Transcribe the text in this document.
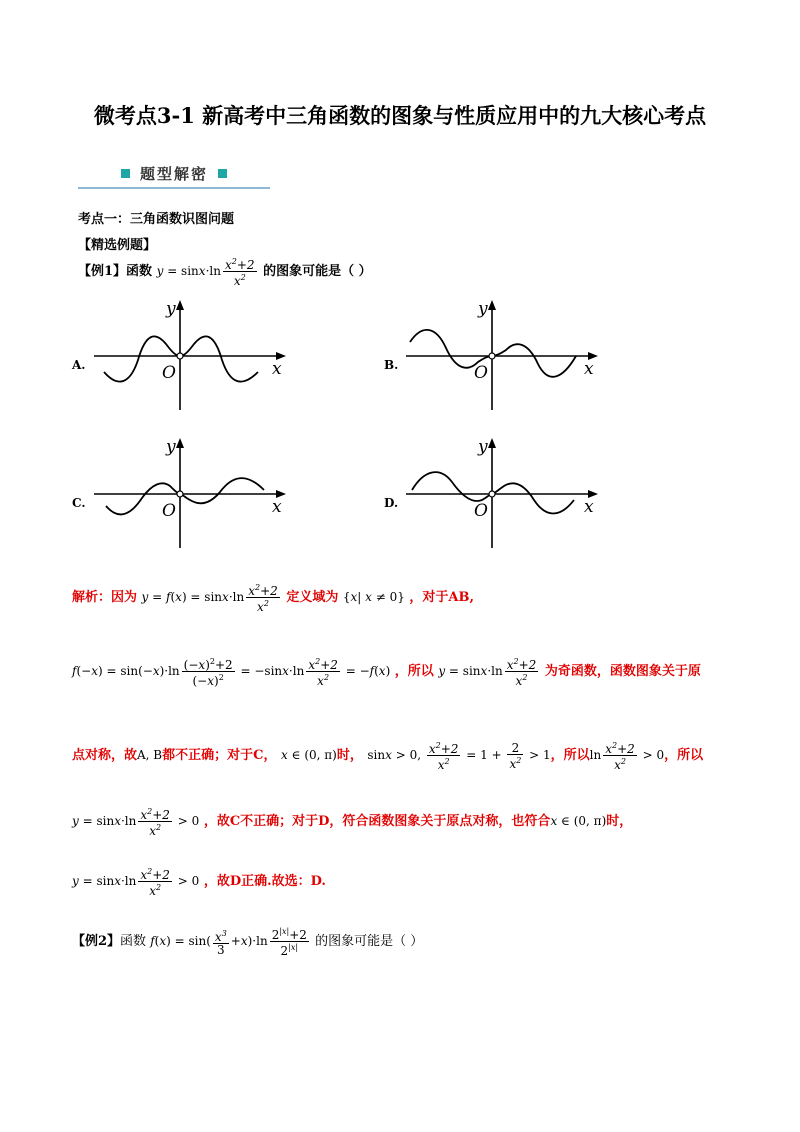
微考点3-1 新高考中三角函数的图象与性质应用中的九大核心考点
题型解密
考点一：三角函数识图问题
【精选例题】
【例1】函数 $y = \sin x\cdot\ln \frac{x^2+2}{x^2}$ 的图象可能是（ ）
A.	B.
C.	D.
y
x
O
y
x
O
y
x
O
y
x
O
解析：因为 $y = f(x) = \sin x\cdot\ln \frac{x^2+2}{x^2}$ 定义域为 {x| x ≠ 0} ，对于AB,
$f(-x) = \sin(-x)\cdot\ln \frac{(-x)^2+2}{(-x)^2} = -\sin x\cdot\ln \frac{x^2+2}{x^2} = -f(x)$ ，所以 $y = \sin x\cdot\ln \frac{x^2+2}{x^2}$ 为奇函数，函数图象关于原
点对称，故A, B都不正确；对于C， x ∈ (0, π)时， sinx > 0, $\frac{x^2+2}{x^2} = 1 + \frac{2}{x^2} > 1$，所以$\ln \frac{x^2+2}{x^2} > 0$，所以
$y = \sin x\cdot\ln \frac{x^2+2}{x^2} > 0$ ，故C不正确；对于D，符合函数图象关于原点对称，也符合x ∈ (0, π)时，
$y = \sin x\cdot\ln \frac{x^2+2}{x^2} > 0$ ，故D正确.故选：D.
【例2】函数 $f(x) = \sin( \frac{x^3}{3} +x)\cdot\ln \frac{2^{|x|}+2}{2^{|x|}}$ 的图象可能是（ ）
